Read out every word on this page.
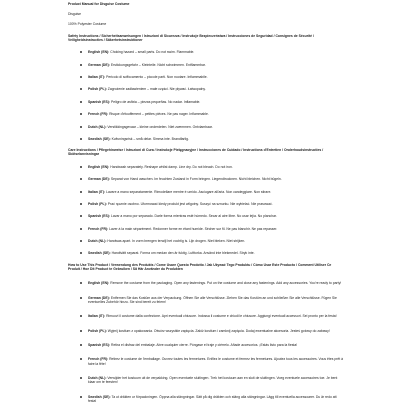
Product Manual for Disguise Costume
Disguise
100% Polyester Costume
Safety Instructions / Sicherheitsanweisungen / Istruzioni di Sicurezza / Instrukcje Bezpieczeństwa / Instrucciones de Seguridad / Consignes de Sécurité / Veiligheidsinstructies / Säkerhetsinstruktioner
English (EN): Choking hazard – small parts. Do not swim. Flammable.
German (DE): Erstickungsgefahr – Kleinteile. Nicht schwimmen. Entflammbar.
Italian (IT): Pericolo di soffocamento – piccole parti. Non nuotare. Infiammabile.
Polish (PL): Zagrożenie zadławieniem – małe części. Nie pływać. Łatwopalny.
Spanish (ES): Peligro de asfixia – piezas pequeñas. No nadar. Inflamable.
French (FR): Risque d'étouffement – petites pièces. Ne pas nager. Inflammable.
Dutch (NL): Verstikkingsgevaar – kleine onderdelen. Niet zwemmen. Ontvlambaar.
Swedish (SE): Kvävningsrisk – små delar. Simma inte. Brandfarlig.
Care Instructions / Pflegehinweise / Istruzioni di Cura / Instrukcje Pielęgnacyjne / Instrucciones de Cuidado / Instructions d'Entretien / Onderhoudsinstructies / Skötselanvisningar
English (EN): Handwash separately. Reshape whilst damp. Line dry. Do not bleach. Do not iron.
German (DE): Separat von Hand waschen. Im feuchten Zustand in Form bringen. Liegendtrocknen. Nicht bleichen. Nicht bügeln.
Italian (IT): Lavare a mano separatamente. Rimodellare mentre è umido. Asciugare all'aria. Non candeggiare. Non stirare.
Polish (PL): Prać ręcznie osobno. Uformować kiedy produkt jest wilgotny. Suszyć na sznurku. Nie wybielać. Nie prasować.
Spanish (ES): Lavar a mano por separado. Darle forma mientras esté húmedo. Secar al aire libre. No usar lejía. No planchar.
French (FR): Laver à la main séparément. Redonner forme en étant humide. Sécher sur fil. Ne pas blanchir. Ne pas repasser.
Dutch (NL): Handwas apart. In vorm brengen terwijl het vochtig is. Lijn drogen. Niet bleken. Niet strijken.
Swedish (SE): Handtvätt separat. Forma om medan den är fuktig. Lufttorka. Använd inte blekmedel. Stryk inte.
How to Use This Product / Verwendung des Produkts / Come Usare Questo Prodotto / Jak Używać Tego Produktu / Cómo Usar Este Producto / Comment Utiliser Ce Produit / Hoe Dit Product te Gebruiken / Så Här Använder du Produkten
English (EN): Remove the costume from the packaging. Open any fastenings. Put on the costume and close any fastenings. Add any accessories. You're ready to party!
German (DE): Entfernen Sie das Kostüm aus der Verpackung. Öffnen Sie alle Verschlüsse. Ziehen Sie das Kostüm an und schließen Sie alle Verschlüsse. Fügen Sie eventuelles Zubehör hinzu. Sie sind bereit zu feiern!
Italian (IT): Rimuovi il costume dalla confezione. Apri eventuali chiusure. Indossa il costume e chiudi le chiusure. Aggiungi eventuali accessori. Sei pronto per la festa!
Polish (PL): Wyjmij kostium z opakowania. Otwórz wszystkie zapięcia. Załóż kostium i zamknij zapięcia. Dodaj ewentualne akcesoria. Jesteś gotowy do zabawy!
Spanish (ES): Retira el disfraz del embalaje. Abre cualquier cierre. Póngase el traje y ciérrelo. Añade accesorios. ¡Estás listo para la fiesta!
French (FR): Retirez le costume de l'emballage. Ouvrez toutes les fermetures. Enfilez le costume et fermez les fermetures. Ajoutez tous les accessoires. Vous êtes prêt à faire la fête!
Dutch (NL): Verwijder het kostuum uit de verpakking. Open eventuele sluitingen. Trek het kostuum aan en sluit de sluitingen. Voeg eventuele accessoires toe. Je bent klaar om te feesten!
Swedish (SE): Ta ut dräkten ur förpackningen. Öppna alla stängningar. Sätt på dig dräkten och stäng alla stängningar. Lägg till eventuella accessoarer. Du är redo att festa!
